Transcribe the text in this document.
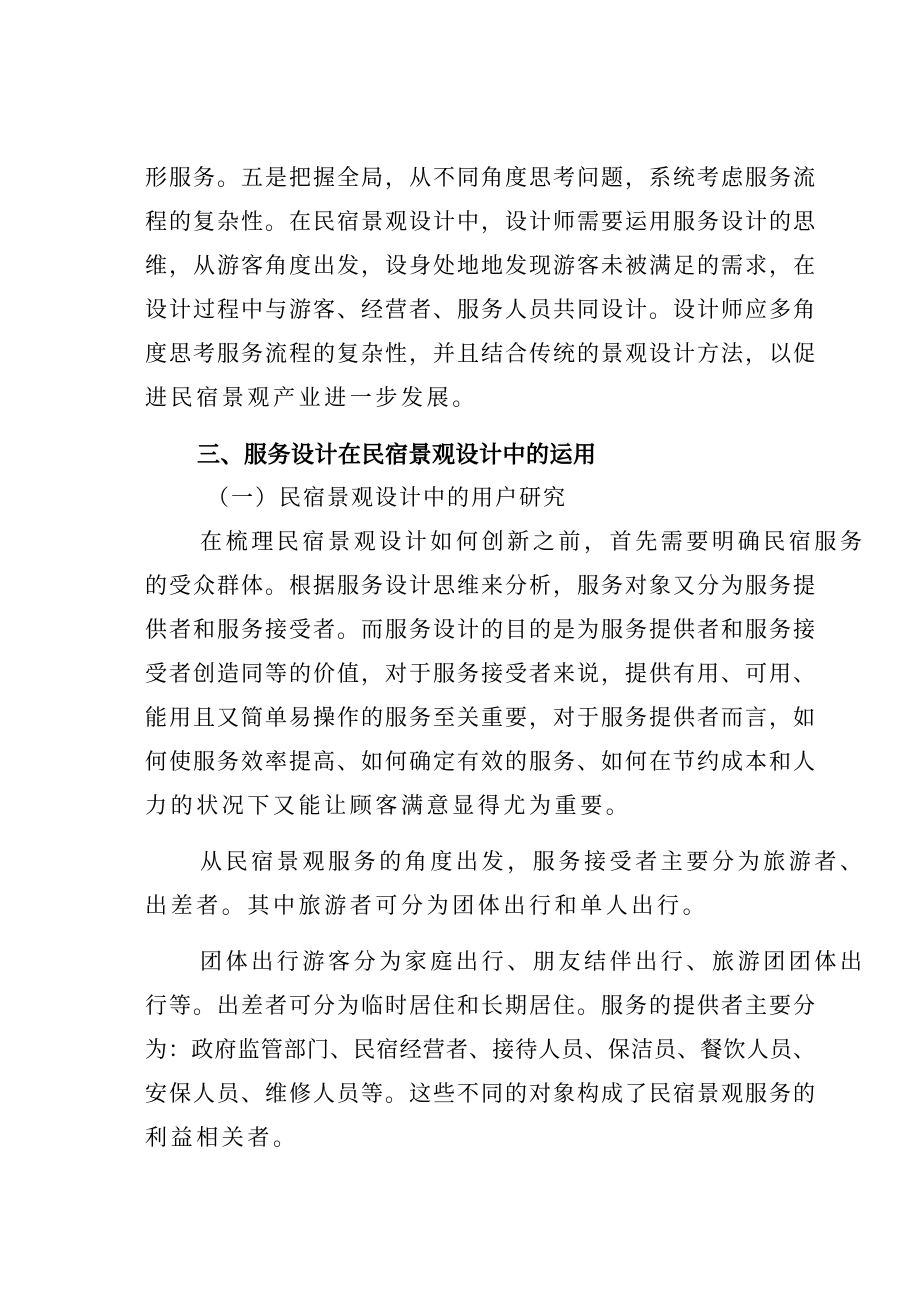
形服务。五是把握全局，从不同角度思考问题，系统考虑服务流
程的复杂性。在民宿景观设计中，设计师需要运用服务设计的思
维，从游客角度出发，设身处地地发现游客未被满足的需求，在
设计过程中与游客、经营者、服务人员共同设计。设计师应多角
度思考服务流程的复杂性，并且结合传统的景观设计方法，以促
进民宿景观产业进一步发展。
三、服务设计在民宿景观设计中的运用
（一）民宿景观设计中的用户研究
在梳理民宿景观设计如何创新之前，首先需要明确民宿服务
的受众群体。根据服务设计思维来分析，服务对象又分为服务提
供者和服务接受者。而服务设计的目的是为服务提供者和服务接
受者创造同等的价值，对于服务接受者来说，提供有用、可用、
能用且又简单易操作的服务至关重要，对于服务提供者而言，如
何使服务效率提高、如何确定有效的服务、如何在节约成本和人
力的状况下又能让顾客满意显得尤为重要。
从民宿景观服务的角度出发，服务接受者主要分为旅游者、
出差者。其中旅游者可分为团体出行和单人出行。
团体出行游客分为家庭出行、朋友结伴出行、旅游团团体出
行等。出差者可分为临时居住和长期居住。服务的提供者主要分
为：政府监管部门、民宿经营者、接待人员、保洁员、餐饮人员、
安保人员、维修人员等。这些不同的对象构成了民宿景观服务的
利益相关者。
